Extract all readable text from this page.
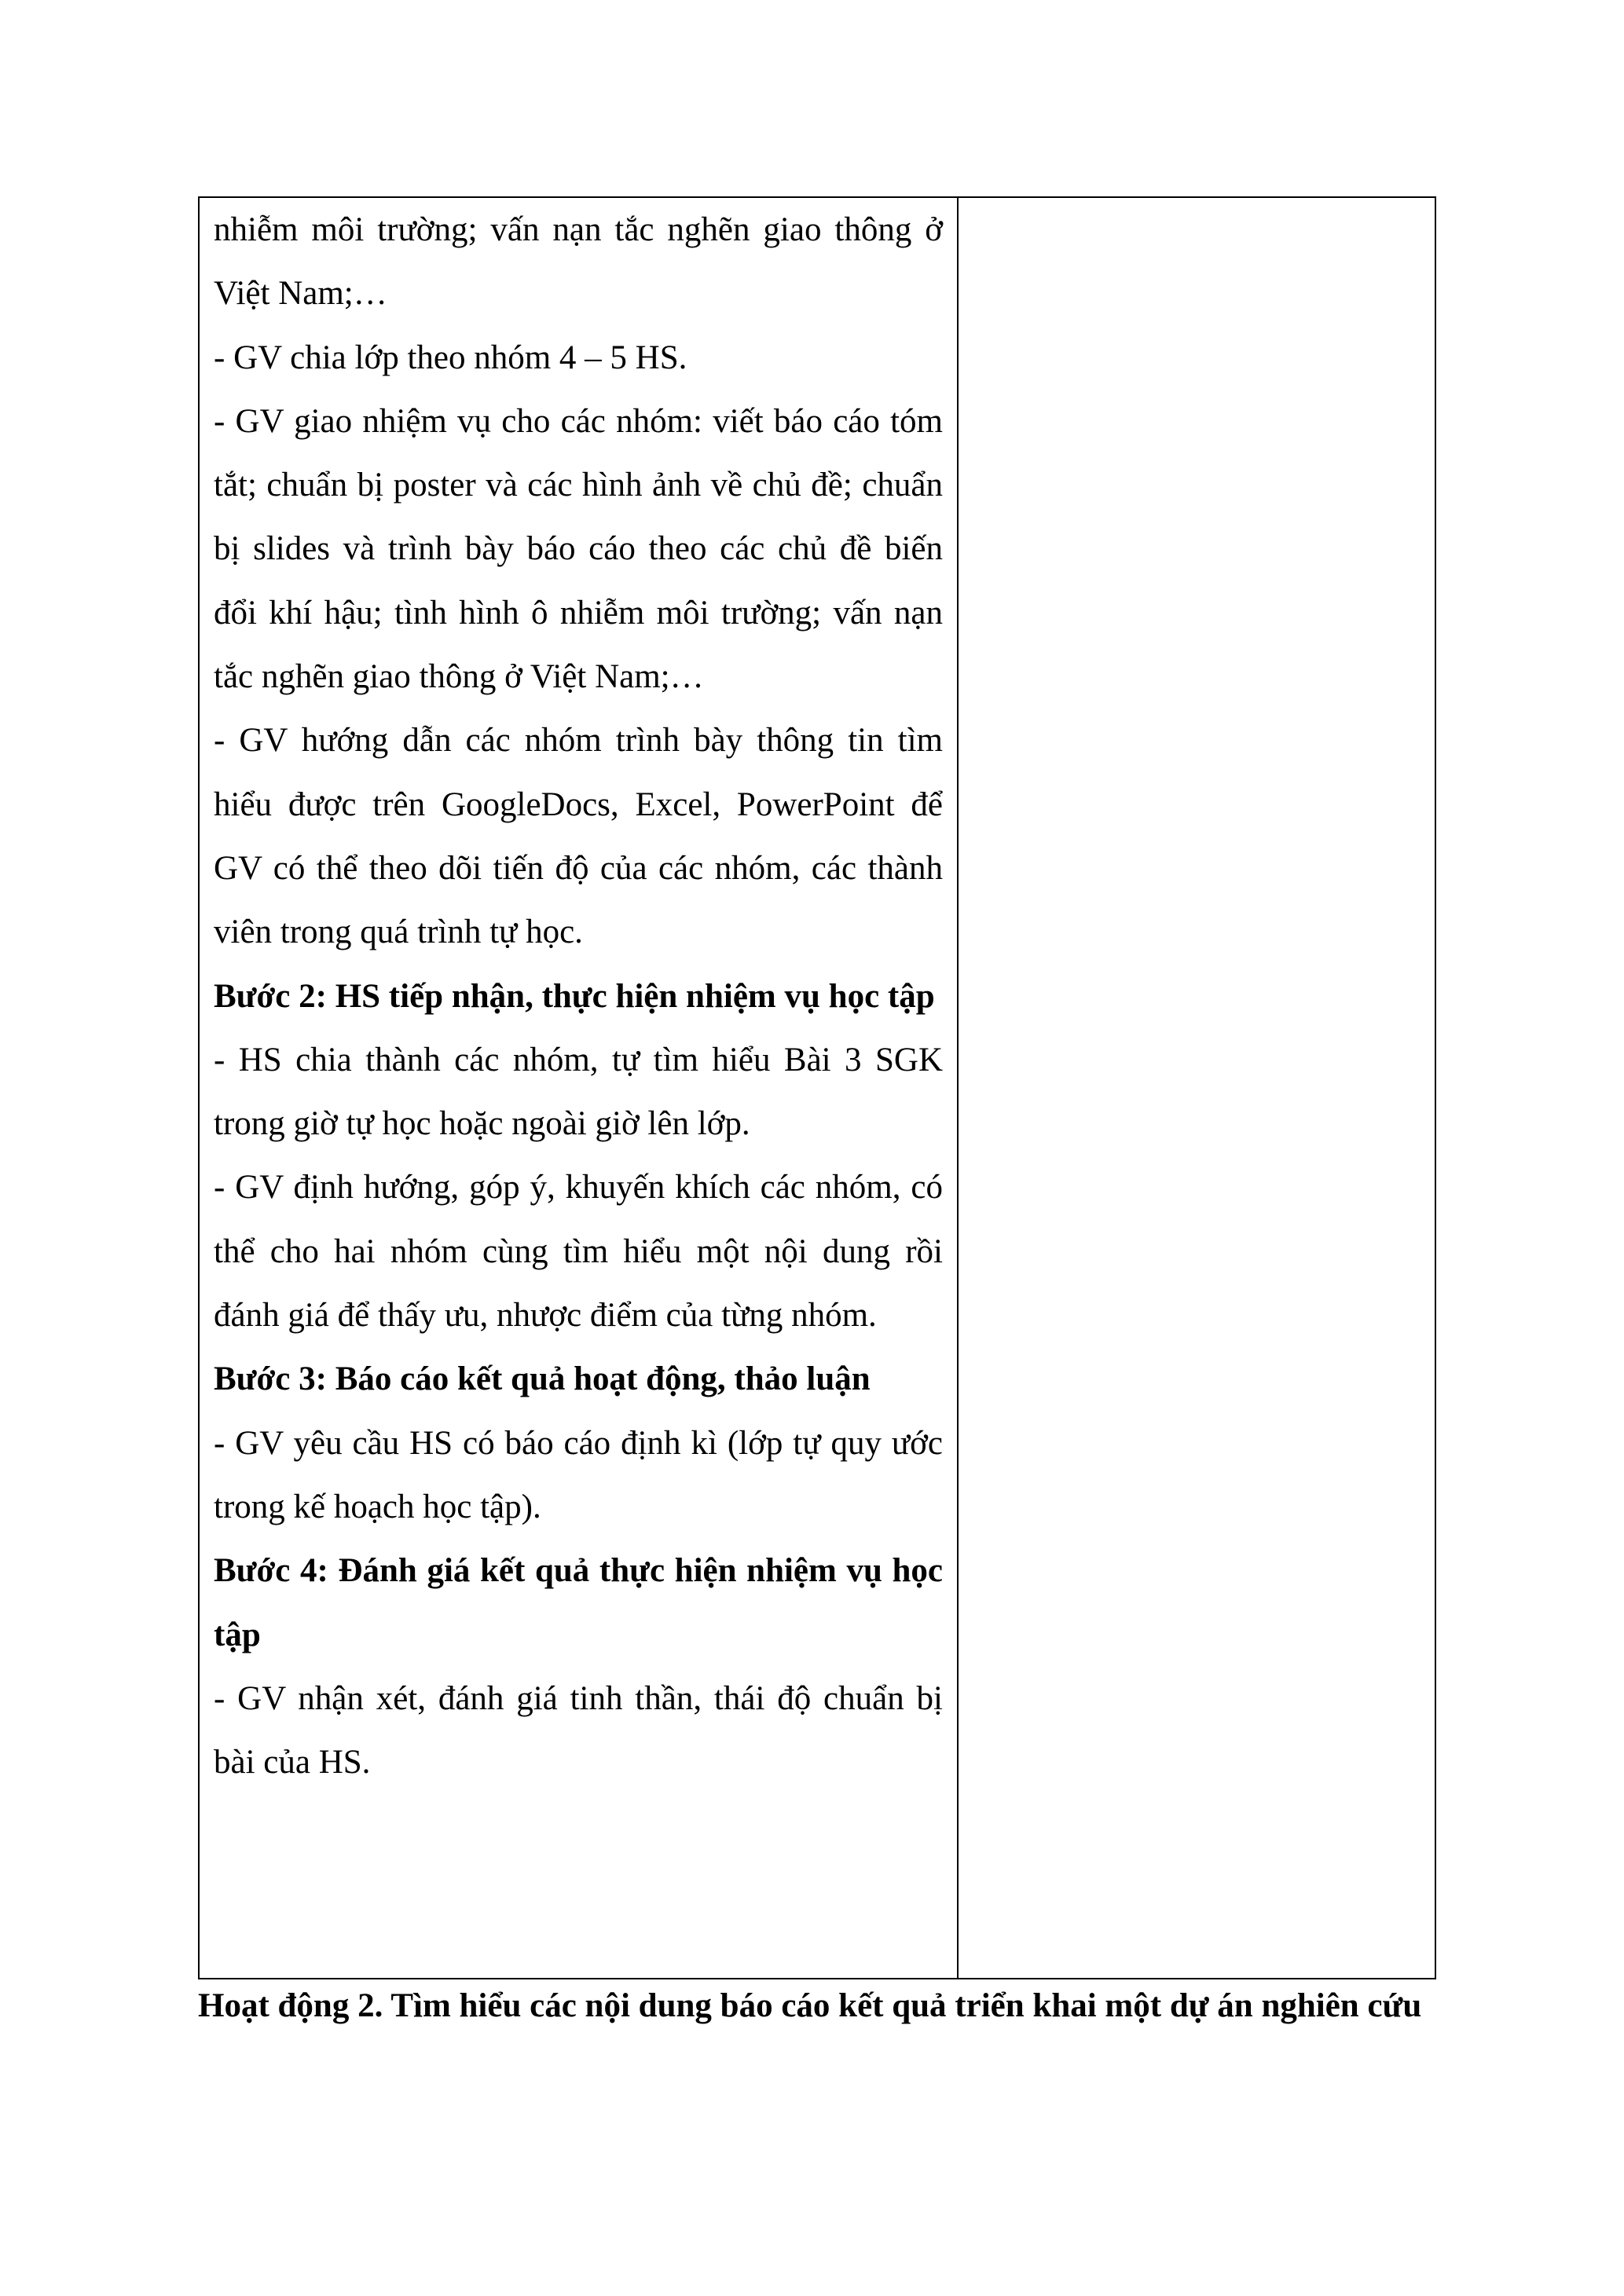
nhiễm môi trường; vấn nạn tắc nghẽn giao thông ở Việt Nam;…

- GV chia lớp theo nhóm 4 – 5 HS.

- GV giao nhiệm vụ cho các nhóm: viết báo cáo tóm tắt; chuẩn bị poster và các hình ảnh về chủ đề; chuẩn bị slides và trình bày báo cáo theo các chủ đề biến đổi khí hậu; tình hình ô nhiễm môi trường; vấn nạn tắc nghẽn giao thông ở Việt Nam;…

- GV hướng dẫn các nhóm trình bày thông tin tìm hiểu được trên GoogleDocs, Excel, PowerPoint để GV có thể theo dõi tiến độ của các nhóm, các thành viên trong quá trình tự học.

Bước 2: HS tiếp nhận, thực hiện nhiệm vụ học tập

- HS chia thành các nhóm, tự tìm hiểu Bài 3 SGK trong giờ tự học hoặc ngoài giờ lên lớp.

- GV định hướng, góp ý, khuyến khích các nhóm, có thể cho hai nhóm cùng tìm hiểu một nội dung rồi đánh giá để thấy ưu, nhược điểm của từng nhóm.

Bước 3: Báo cáo kết quả hoạt động, thảo luận

- GV yêu cầu HS có báo cáo định kì (lớp tự quy ước trong kế hoạch học tập).

Bước 4: Đánh giá kết quả thực hiện nhiệm vụ học tập

- GV nhận xét, đánh giá tinh thần, thái độ chuẩn bị bài của HS.

Hoạt động 2. Tìm hiểu các nội dung báo cáo kết quả triển khai một dự án nghiên cứu
